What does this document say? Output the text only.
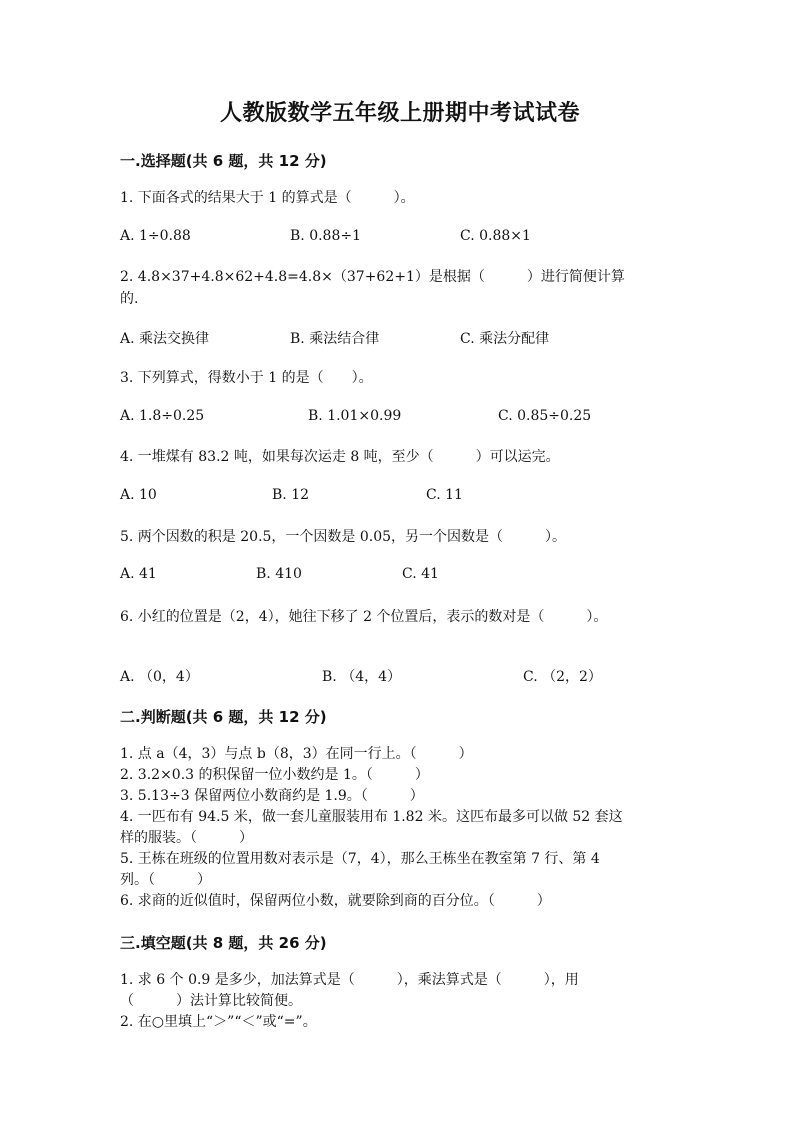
人教版数学五年级上册期中考试试卷
一.选择题(共 6 题，共 12 分)
1. 下面各式的结果大于 1 的算式是（　　　）。
A. 1÷0.88	B. 0.88÷1	C. 0.88×1
2. 4.8×37+4.8×62+4.8=4.8×（37+62+1）是根据（　　　）进行简便计算
的.
A. 乘法交换律	B. 乘法结合律	C. 乘法分配律
3. 下列算式，得数小于 1 的是（　　）。
A. 1.8÷0.25	B. 1.01×0.99	C. 0.85÷0.25
4. 一堆煤有 83.2 吨，如果每次运走 8 吨，至少（　　　）可以运完。
A. 10	B. 12	C. 11
5. 两个因数的积是 20.5，一个因数是 0.05，另一个因数是（　　　）。
A. 41	B. 410	C. 41
6. 小红的位置是（2，4），她往下移了 2 个位置后，表示的数对是（　　　）。
A. （0，4）	B. （4，4）	C. （2，2）
二.判断题(共 6 题，共 12 分)
1. 点 a（4，3）与点 b（8，3）在同一行上。（　　　）
2. 3.2×0.3 的积保留一位小数约是 1。（　　　）
3. 5.13÷3 保留两位小数商约是 1.9。（　　　）
4. 一匹布有 94.5 米，做一套儿童服装用布 1.82 米。这匹布最多可以做 52 套这
样的服装。（　　　）
5. 王栋在班级的位置用数对表示是（7，4），那么王栋坐在教室第 7 行、第 4
列。（　　　）
6. 求商的近似值时，保留两位小数，就要除到商的百分位。（　　　）
三.填空题(共 8 题，共 26 分)
1. 求 6 个 0.9 是多少，加法算式是（　　　），乘法算式是（　　　），用
（　　　）法计算比较简便。
2. 在○里填上“＞”“＜”或“=”。
